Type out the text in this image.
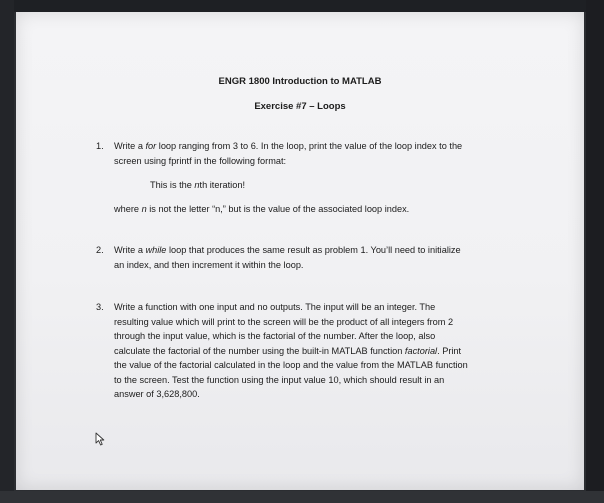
ENGR 1800 Introduction to MATLAB
Exercise #7 – Loops
1. Write a for loop ranging from 3 to 6. In the loop, print the value of the loop index to the
screen using fprintf in the following format:
This is the nth iteration!
where n is not the letter “n,” but is the value of the associated loop index.
2. Write a while loop that produces the same result as problem 1. You’ll need to initialize
an index, and then increment it within the loop.
3. Write a function with one input and no outputs. The input will be an integer. The
resulting value which will print to the screen will be the product of all integers from 2
through the input value, which is the factorial of the number. After the loop, also
calculate the factorial of the number using the built-in MATLAB function factorial. Print
the value of the factorial calculated in the loop and the value from the MATLAB function
to the screen. Test the function using the input value 10, which should result in an
answer of 3,628,800.
